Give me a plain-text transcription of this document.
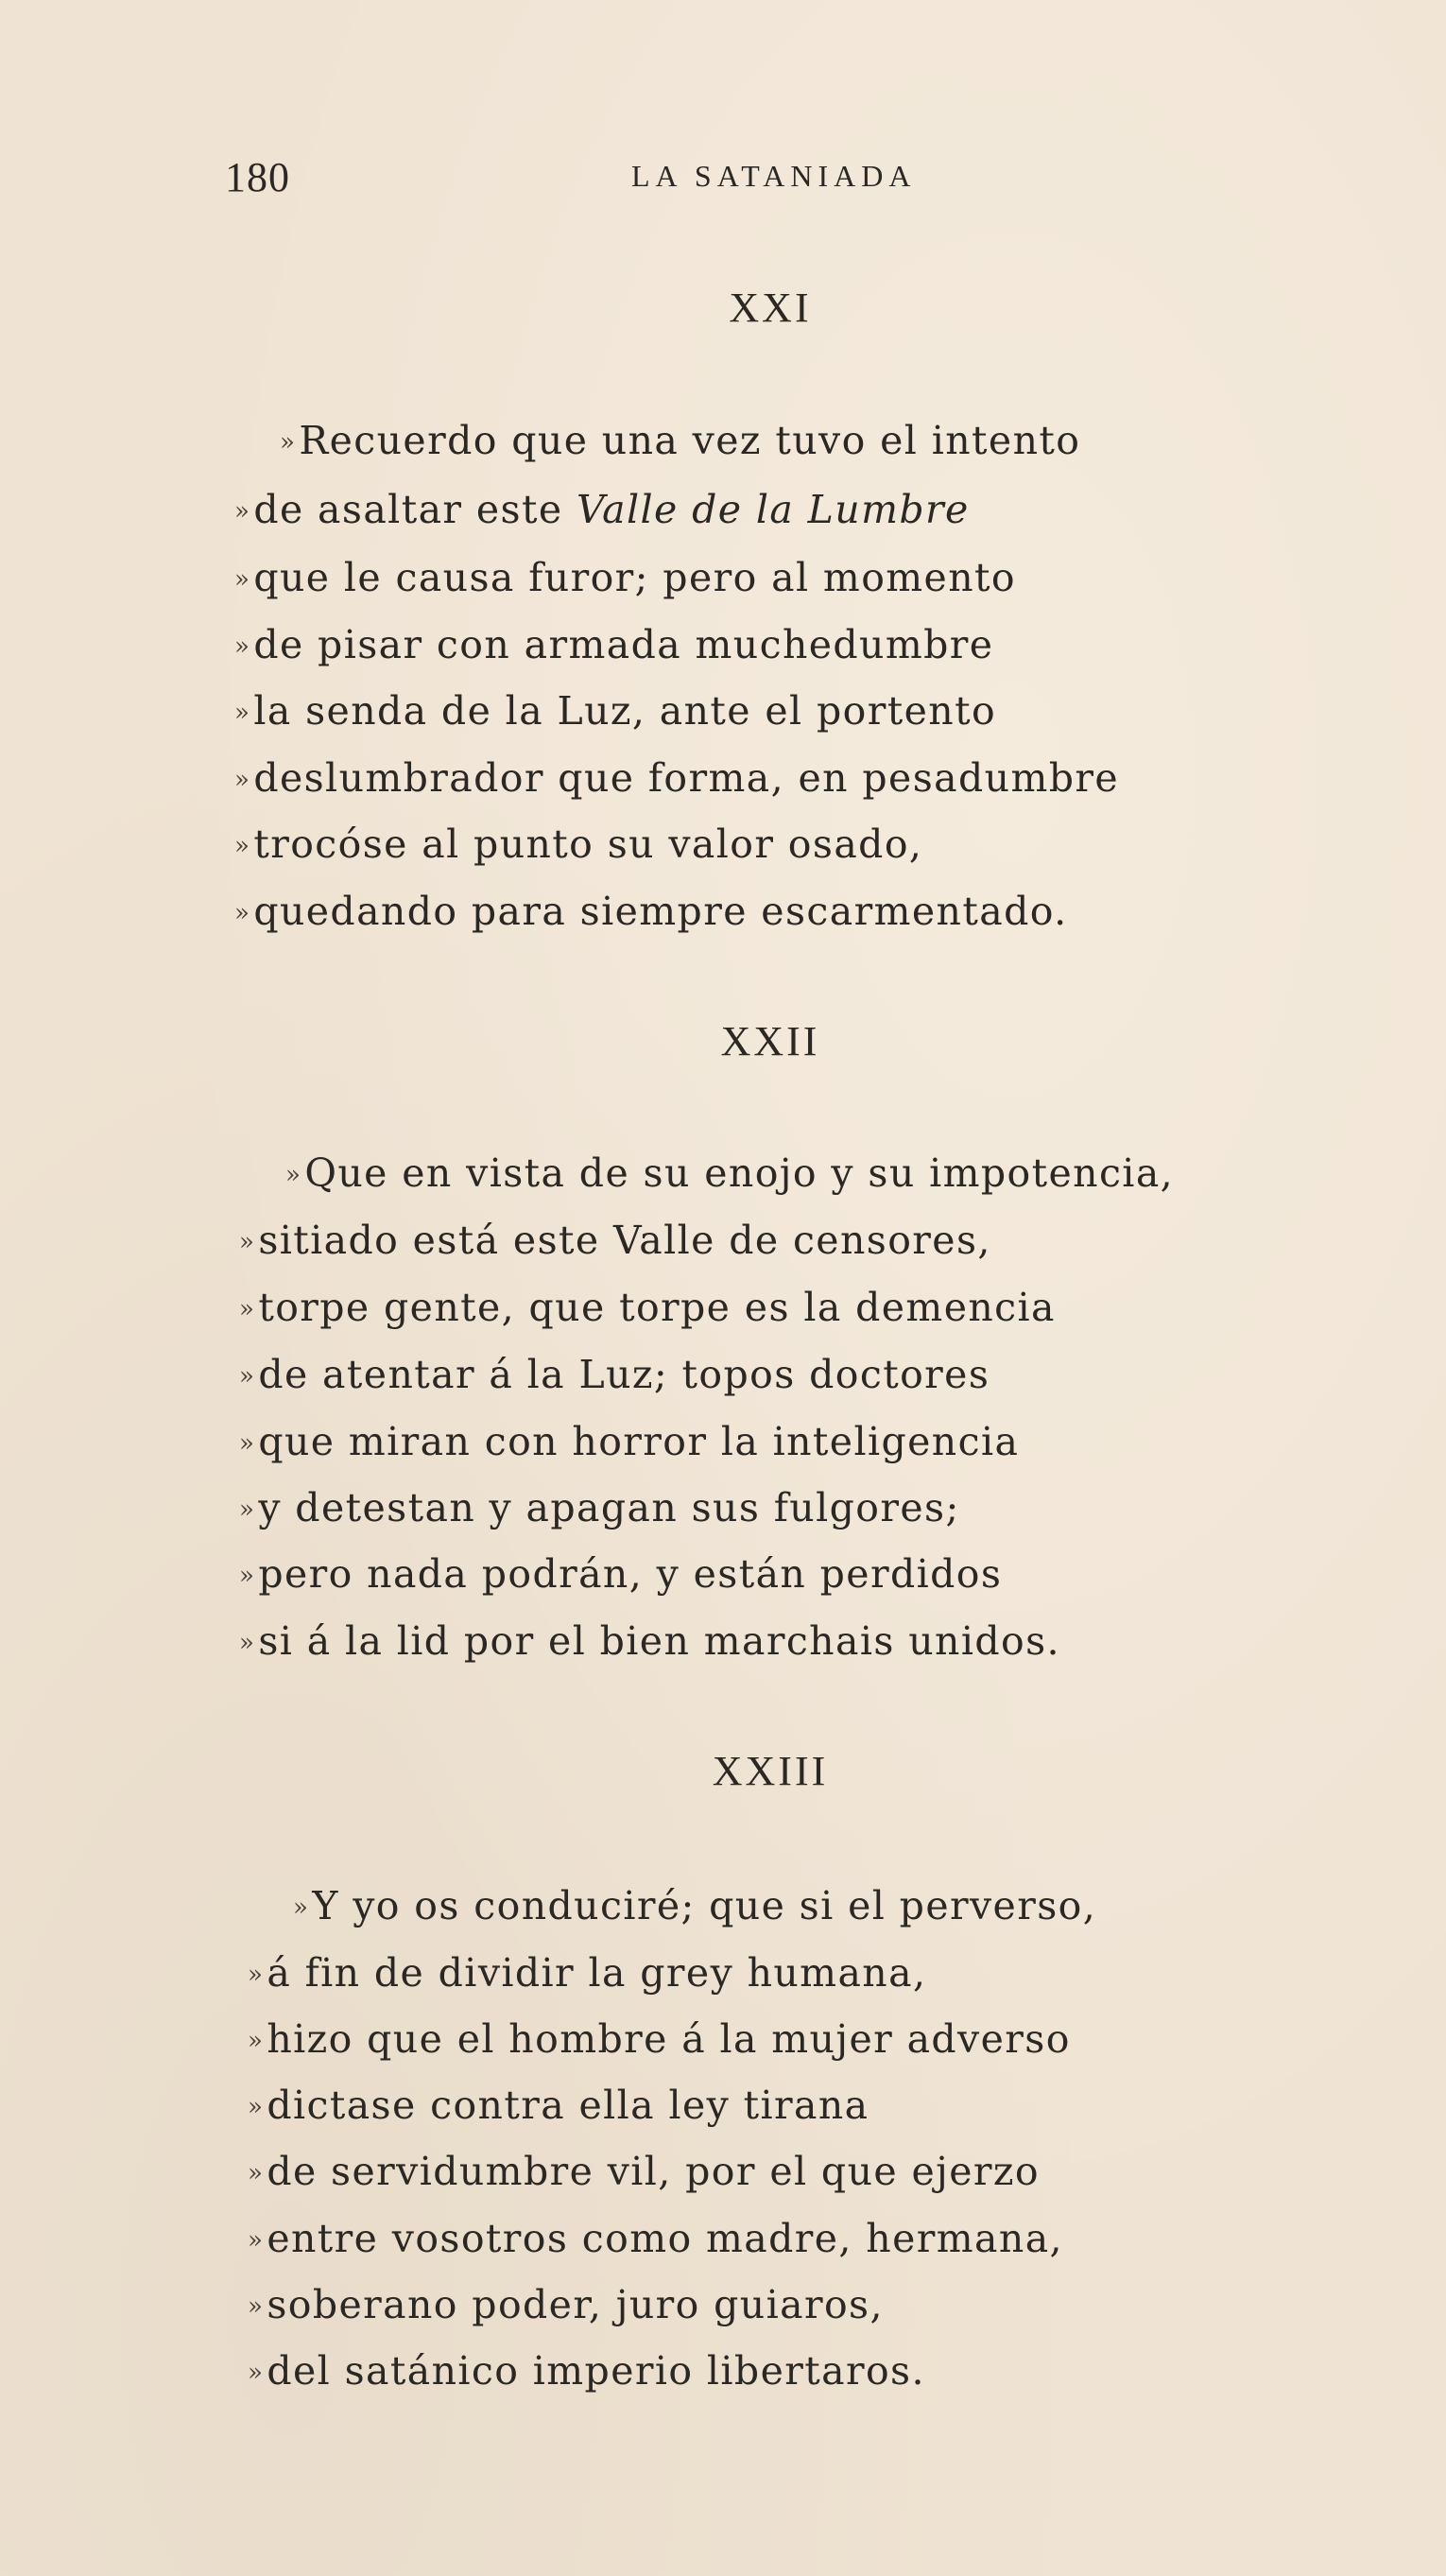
180	LA SATANIADA
XXI
»Recuerdo que una vez tuvo el intento
»de asaltar este Valle de la Lumbre
»que le causa furor; pero al momento
»de pisar con armada muchedumbre
»la senda de la Luz, ante el portento
»deslumbrador que forma, en pesadumbre
»trocóse al punto su valor osado,
»quedando para siempre escarmentado.
XXII
»Que en vista de su enojo y su impotencia,
»sitiado está este Valle de censores,
»torpe gente, que torpe es la demencia
»de atentar á la Luz; topos doctores
»que miran con horror la inteligencia
»y detestan y apagan sus fulgores;
»pero nada podrán, y están perdidos
»si á la lid por el bien marchais unidos.
XXIII
»Y yo os conduciré; que si el perverso,
»á fin de dividir la grey humana,
»hizo que el hombre á la mujer adverso
»dictase contra ella ley tirana
»de servidumbre vil, por el que ejerzo
»entre vosotros como madre, hermana,
»soberano poder, juro guiaros,
»del satánico imperio libertaros.
